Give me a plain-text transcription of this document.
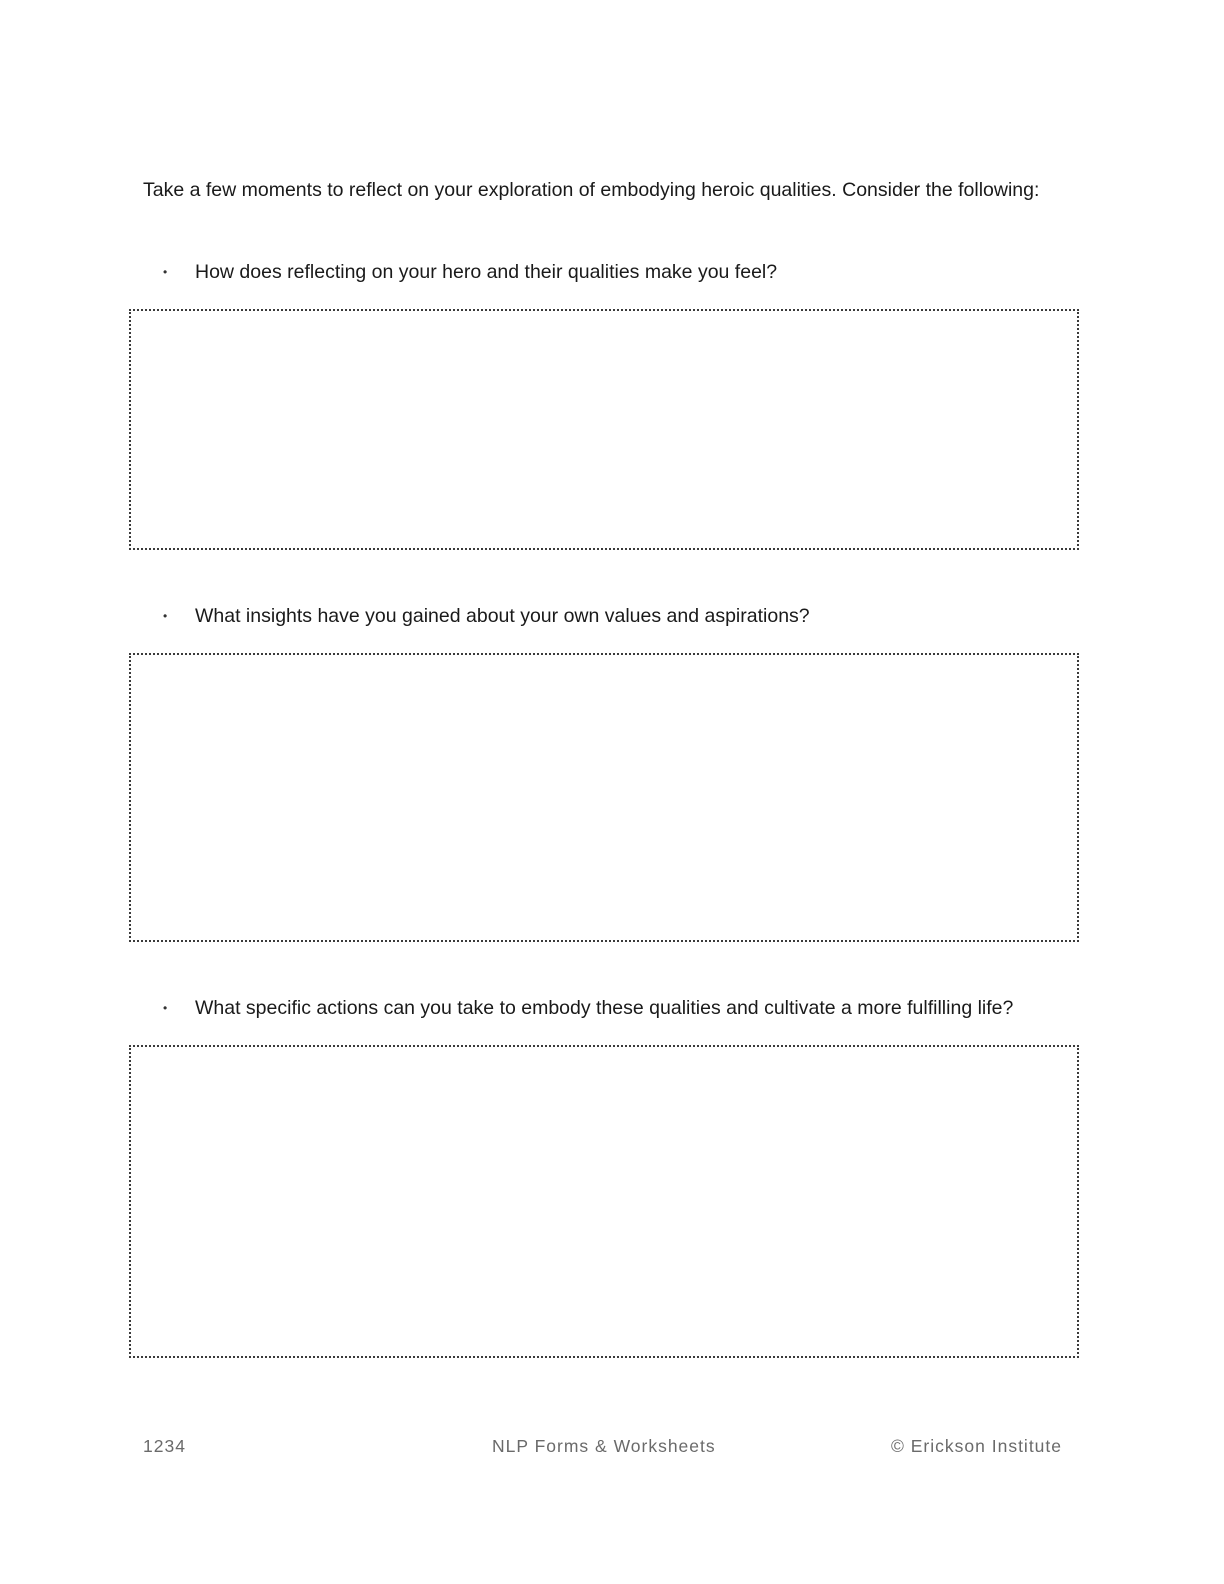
Take a few moments to reflect on your exploration of embodying heroic qualities. Consider the following:

• How does reflecting on your hero and their qualities make you feel?

• What insights have you gained about your own values and aspirations?

• What specific actions can you take to embody these qualities and cultivate a more fulfilling life?

1234	NLP Forms & Worksheets	© Erickson Institute
